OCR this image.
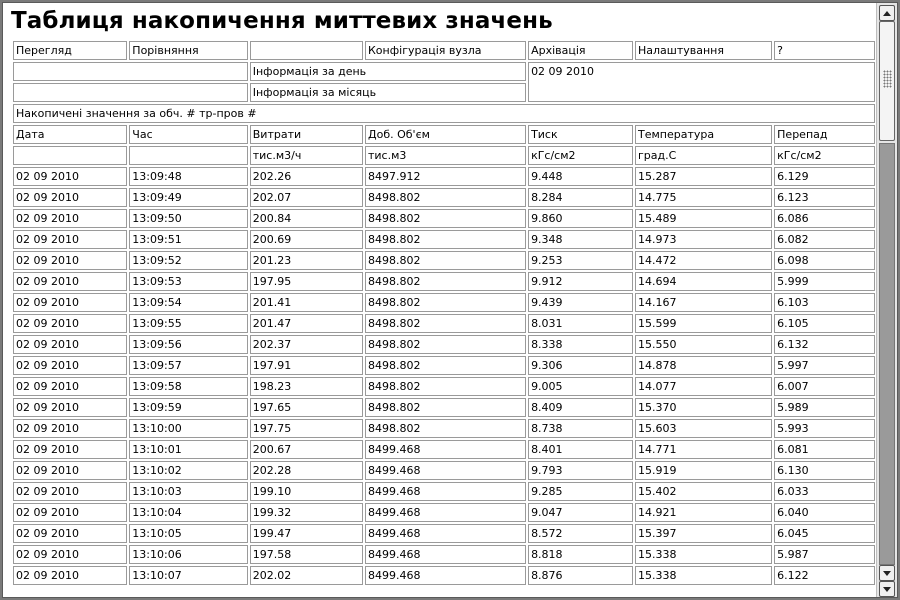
Таблиця накопичення миттевих значень
Перегляд	Порівняння		Конфігурація вузла	Архівація	Налаштування	?
		Інформація за день		02 09 2010		
		Інформація за місяць				
Накопичені значення за обч. # тр-пров #						
Дата	Час	Витрати	Доб. Об'єм	Тиск	Температура	Перепад
		тис.м3/ч	тис.м3	кГс/см2	град.С	кГс/см2
02 09 2010	13:09:48	202.26	8497.912	9.448	15.287	6.129
02 09 2010	13:09:49	202.07	8498.802	8.284	14.775	6.123
02 09 2010	13:09:50	200.84	8498.802	9.860	15.489	6.086
02 09 2010	13:09:51	200.69	8498.802	9.348	14.973	6.082
02 09 2010	13:09:52	201.23	8498.802	9.253	14.472	6.098
02 09 2010	13:09:53	197.95	8498.802	9.912	14.694	5.999
02 09 2010	13:09:54	201.41	8498.802	9.439	14.167	6.103
02 09 2010	13:09:55	201.47	8498.802	8.031	15.599	6.105
02 09 2010	13:09:56	202.37	8498.802	8.338	15.550	6.132
02 09 2010	13:09:57	197.91	8498.802	9.306	14.878	5.997
02 09 2010	13:09:58	198.23	8498.802	9.005	14.077	6.007
02 09 2010	13:09:59	197.65	8498.802	8.409	15.370	5.989
02 09 2010	13:10:00	197.75	8498.802	8.738	15.603	5.993
02 09 2010	13:10:01	200.67	8499.468	8.401	14.771	6.081
02 09 2010	13:10:02	202.28	8499.468	9.793	15.919	6.130
02 09 2010	13:10:03	199.10	8499.468	9.285	15.402	6.033
02 09 2010	13:10:04	199.32	8499.468	9.047	14.921	6.040
02 09 2010	13:10:05	199.47	8499.468	8.572	15.397	6.045
02 09 2010	13:10:06	197.58	8499.468	8.818	15.338	5.987
02 09 2010	13:10:07	202.02	8499.468	8.876	15.338	6.122
